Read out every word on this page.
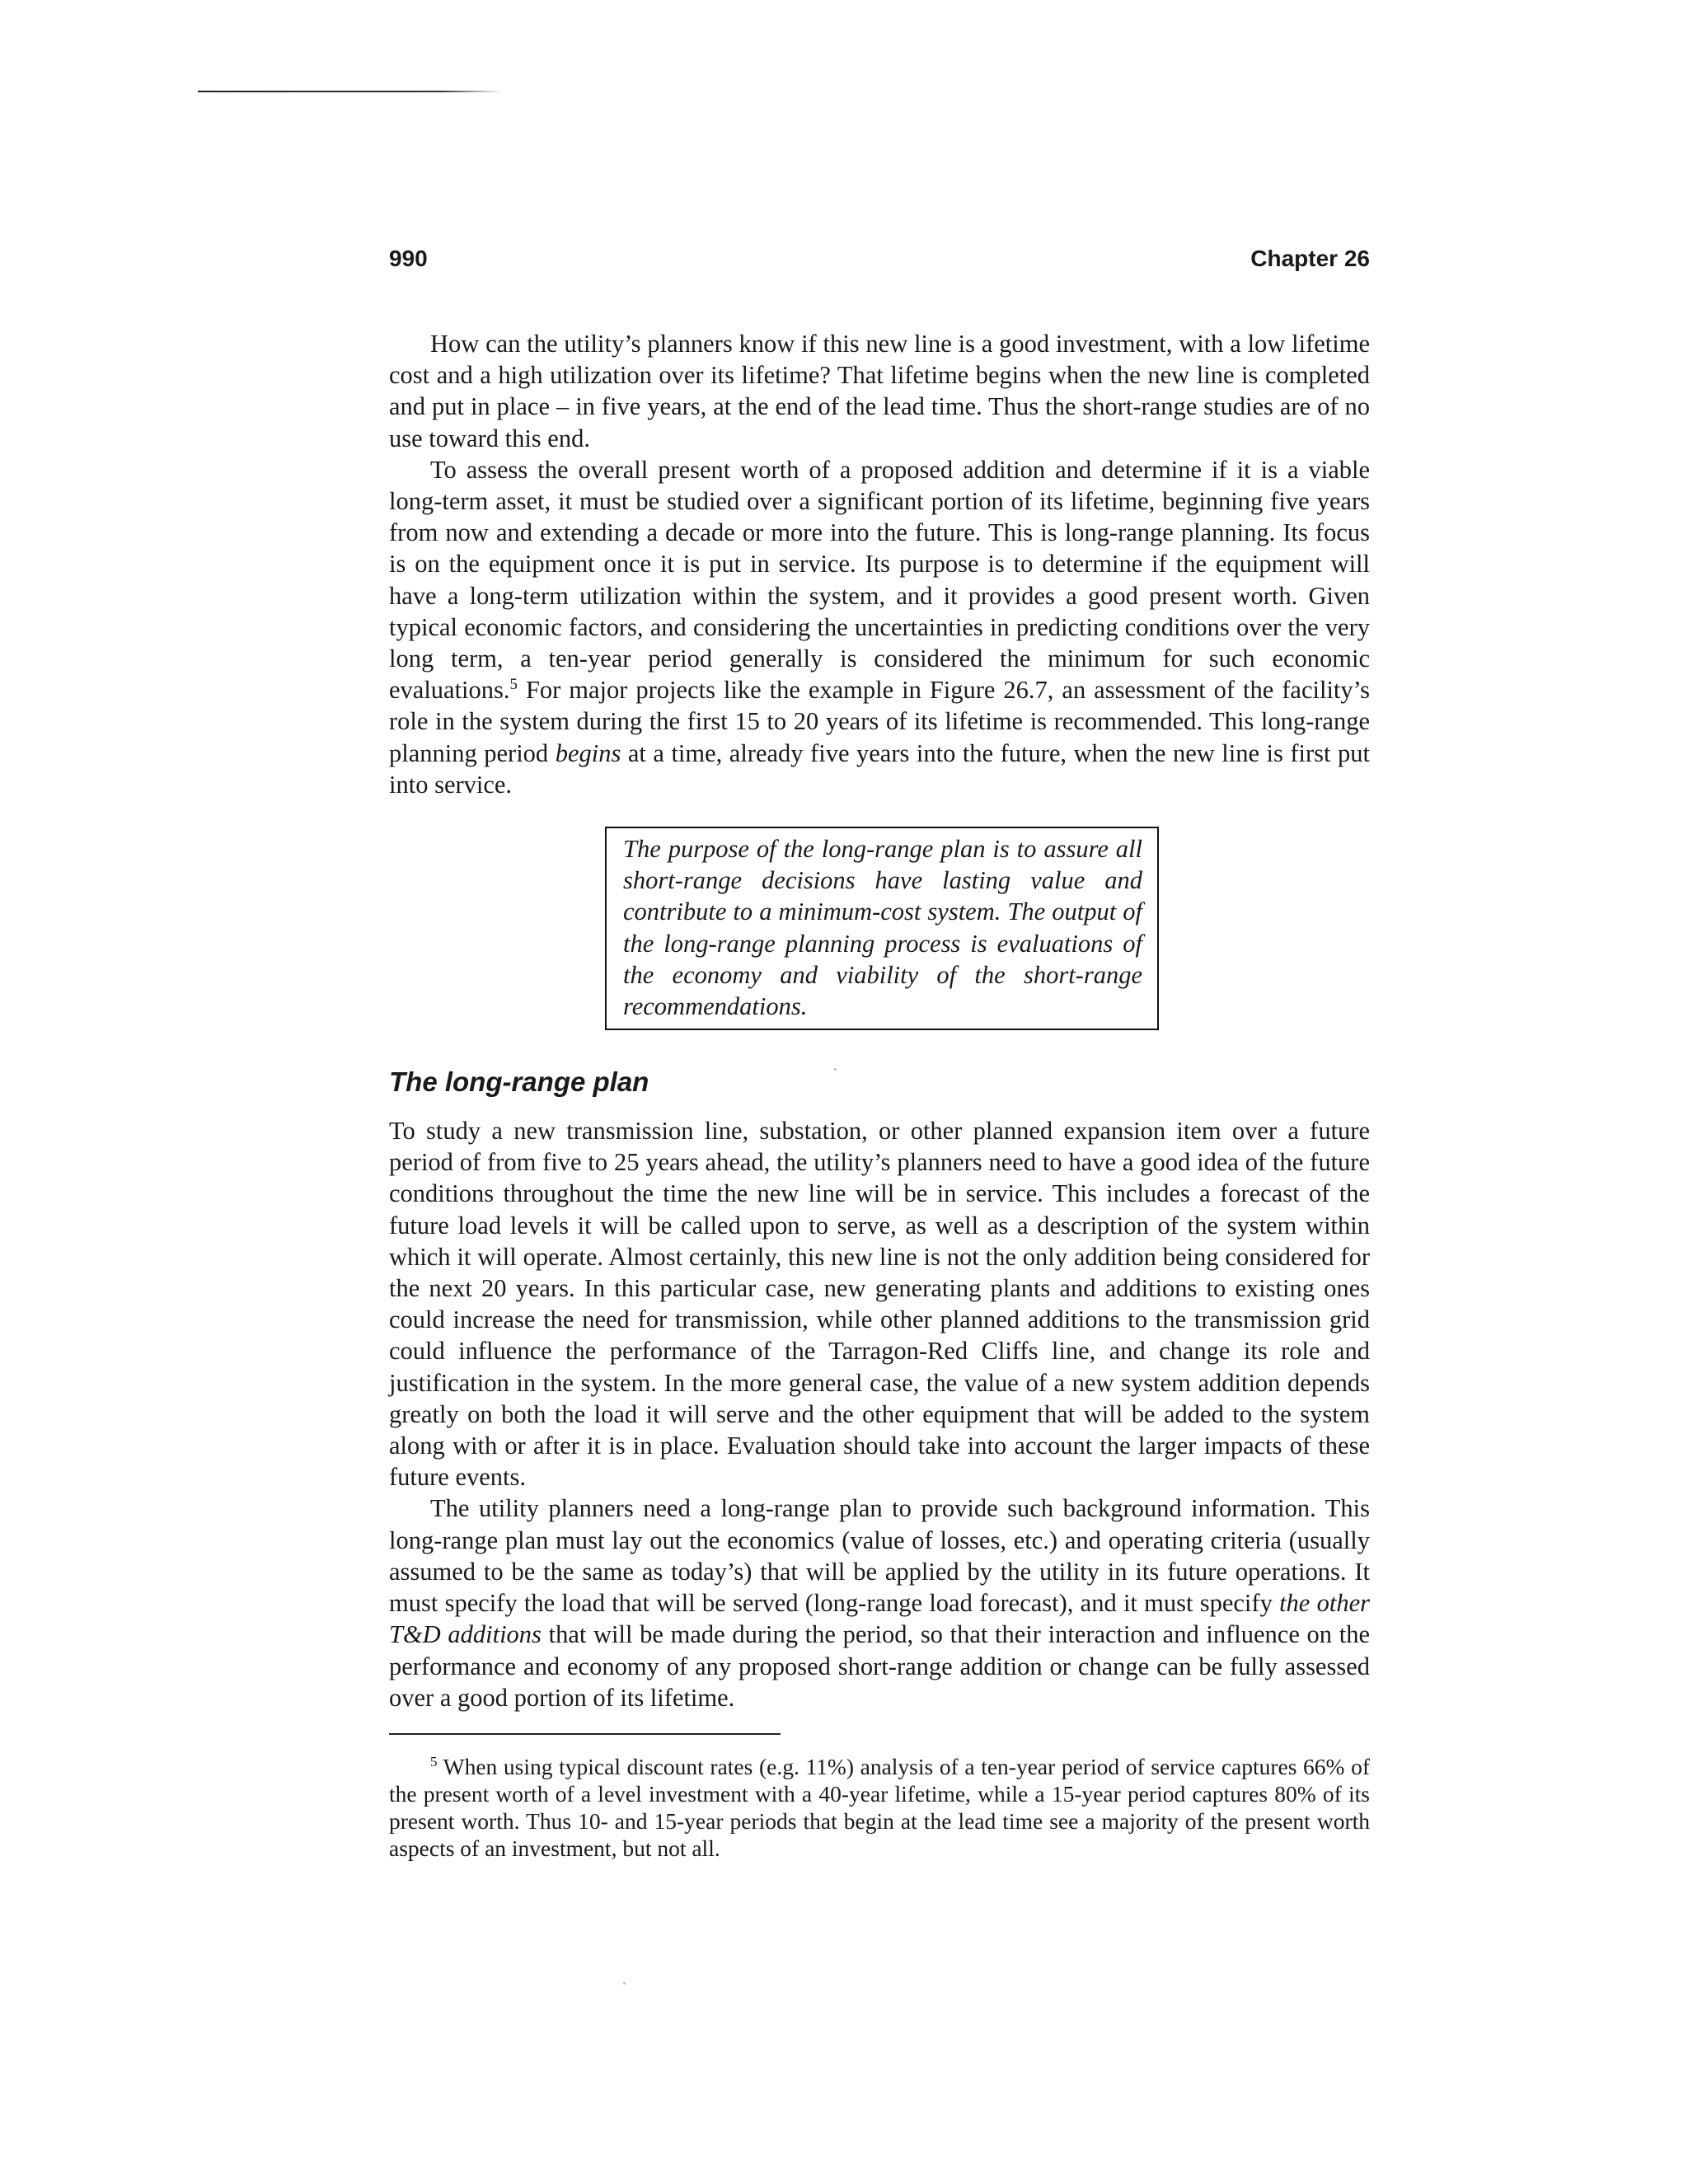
990	Chapter 26

How can the utility’s planners know if this new line is a good investment, with a low lifetime cost and a high utilization over its lifetime? That lifetime begins when the new line is completed and put in place – in five years, at the end of the lead time. Thus the short-range studies are of no use toward this end.

To assess the overall present worth of a proposed addition and determine if it is a viable long-term asset, it must be studied over a significant portion of its lifetime, beginning five years from now and extending a decade or more into the future. This is long-range planning. Its focus is on the equipment once it is put in service. Its purpose is to determine if the equipment will have a long-term utilization within the system, and it provides a good present worth. Given typical economic factors, and considering the uncertainties in predicting conditions over the very long term, a ten-year period generally is considered the minimum for such economic evaluations.$^5$ For major projects like the example in Figure 26.7, an assessment of the facility’s role in the system during the first 15 to 20 years of its lifetime is recommended. This long-range planning period begins at a time, already five years into the future, when the new line is first put into service.

The purpose of the long-range plan is to assure all short-range decisions have lasting value and contribute to a minimum-cost system. The output of the long-range planning process is evaluations of the economy and viability of the short-range recommendations.
The long-range plan

To study a new transmission line, substation, or other planned expansion item over a future period of from five to 25 years ahead, the utility’s planners need to have a good idea of the future conditions throughout the time the new line will be in service. This includes a forecast of the future load levels it will be called upon to serve, as well as a description of the system within which it will operate. Almost certainly, this new line is not the only addition being considered for the next 20 years. In this particular case, new generating plants and additions to existing ones could increase the need for transmission, while other planned additions to the transmission grid could influence the performance of the Tarragon-Red Cliffs line, and change its role and justification in the system. In the more general case, the value of a new system addition depends greatly on both the load it will serve and the other equipment that will be added to the system along with or after it is in place. Evaluation should take into account the larger impacts of these future events.

The utility planners need a long-range plan to provide such background information. This long-range plan must lay out the economics (value of losses, etc.) and operating criteria (usually assumed to be the same as today’s) that will be applied by the utility in its future operations. It must specify the load that will be served (long-range load forecast), and it must specify the other T&D additions that will be made during the period, so that their interaction and influence on the performance and economy of any proposed short-range addition or change can be fully assessed over a good portion of its lifetime.

$^5$ When using typical discount rates (e.g. 11%) analysis of a ten-year period of service captures 66% of the present worth of a level investment with a 40-year lifetime, while a 15-year period captures 80% of its present worth. Thus 10- and 15-year periods that begin at the lead time see a majority of the present worth aspects of an investment, but not all.
